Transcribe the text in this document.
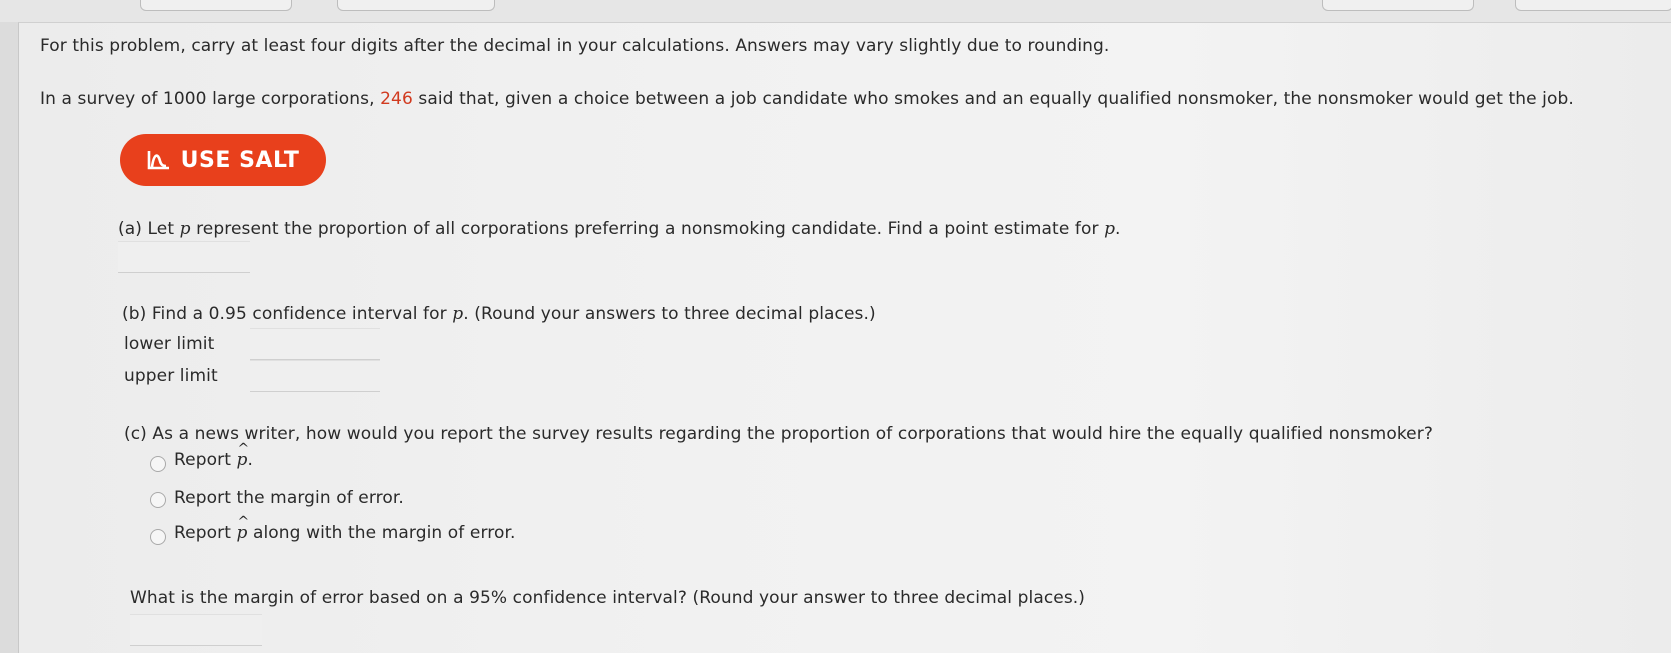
For this problem, carry at least four digits after the decimal in your calculations. Answers may vary slightly due to rounding.
In a survey of 1000 large corporations, 246 said that, given a choice between a job candidate who smokes and an equally qualified nonsmoker, the nonsmoker would get the job.
USE SALT
(a) Let p represent the proportion of all corporations preferring a nonsmoking candidate. Find a point estimate for p.
(b) Find a 0.95 confidence interval for p. (Round your answers to three decimal places.)
lower limit
upper limit
(c) As a news writer, how would you report the survey results regarding the proportion of corporations that would hire the equally qualified nonsmoker?
Report ^ p.
Report the margin of error.
Report ^ p along with the margin of error.
What is the margin of error based on a 95% confidence interval? (Round your answer to three decimal places.)
